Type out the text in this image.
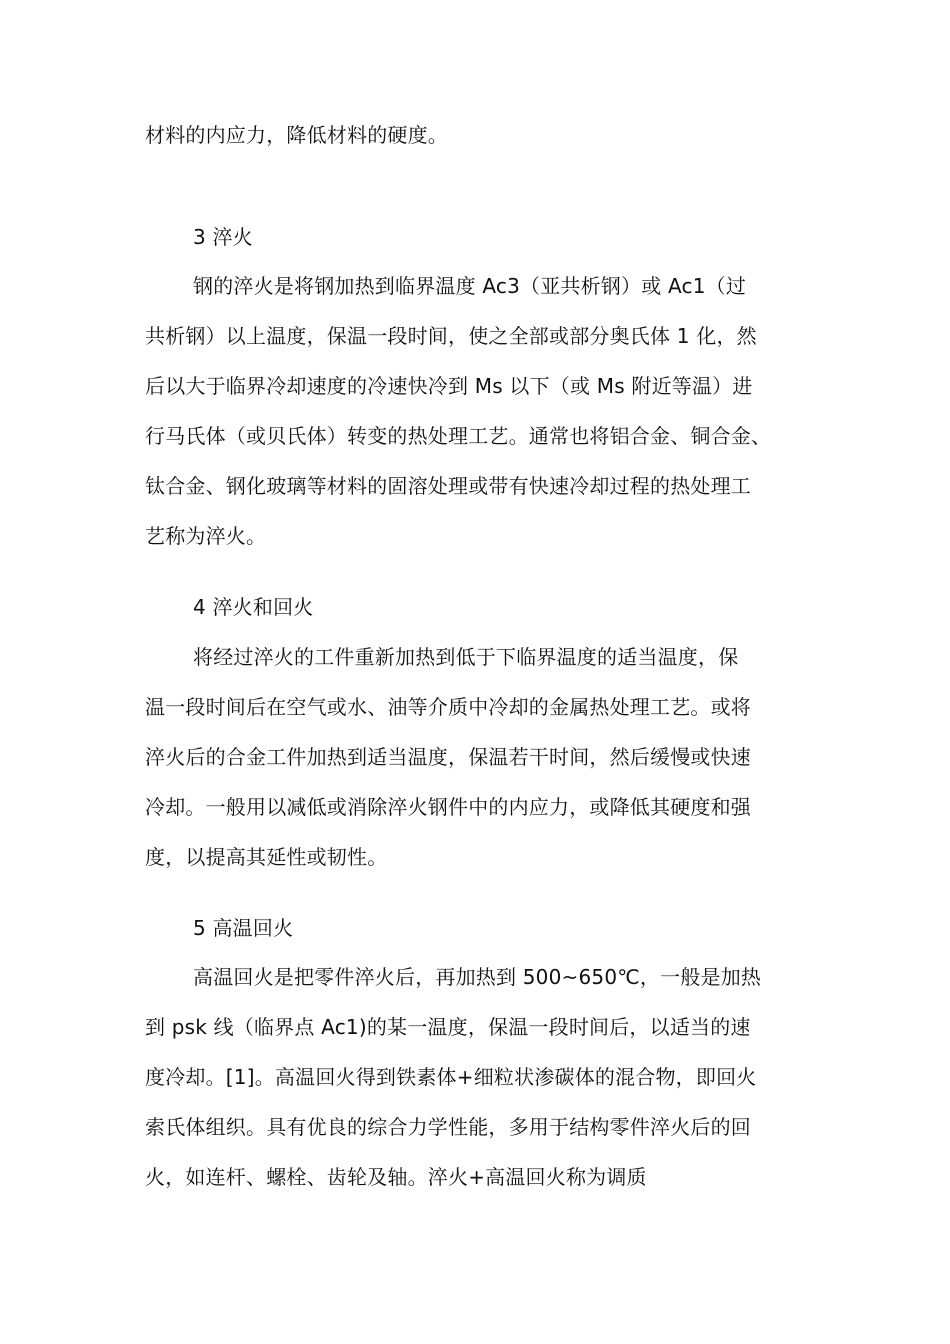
材料的内应力，降低材料的硬度。
3 淬火
钢的淬火是将钢加热到临界温度 Ac3（亚共析钢）或 Ac1（过
共析钢）以上温度，保温一段时间，使之全部或部分奥氏体 1 化，然
后以大于临界冷却速度的冷速快冷到 Ms 以下（或 Ms 附近等温）进
行马氏体（或贝氏体）转变的热处理工艺。通常也将铝合金、铜合金、
钛合金、钢化玻璃等材料的固溶处理或带有快速冷却过程的热处理工
艺称为淬火。
4 淬火和回火
将经过淬火的工件重新加热到低于下临界温度的适当温度，保
温一段时间后在空气或水、油等介质中冷却的金属热处理工艺。或将
淬火后的合金工件加热到适当温度，保温若干时间，然后缓慢或快速
冷却。一般用以减低或消除淬火钢件中的内应力，或降低其硬度和强
度，以提高其延性或韧性。
5 高温回火
高温回火是把零件淬火后，再加热到 500~650℃，一般是加热
到 psk 线（临界点 Ac1)的某一温度，保温一段时间后，以适当的速
度冷却。[1]。高温回火得到铁素体+细粒状渗碳体的混合物，即回火
索氏体组织。具有优良的综合力学性能，多用于结构零件淬火后的回
火，如连杆、螺栓、齿轮及轴。淬火+高温回火称为调质
